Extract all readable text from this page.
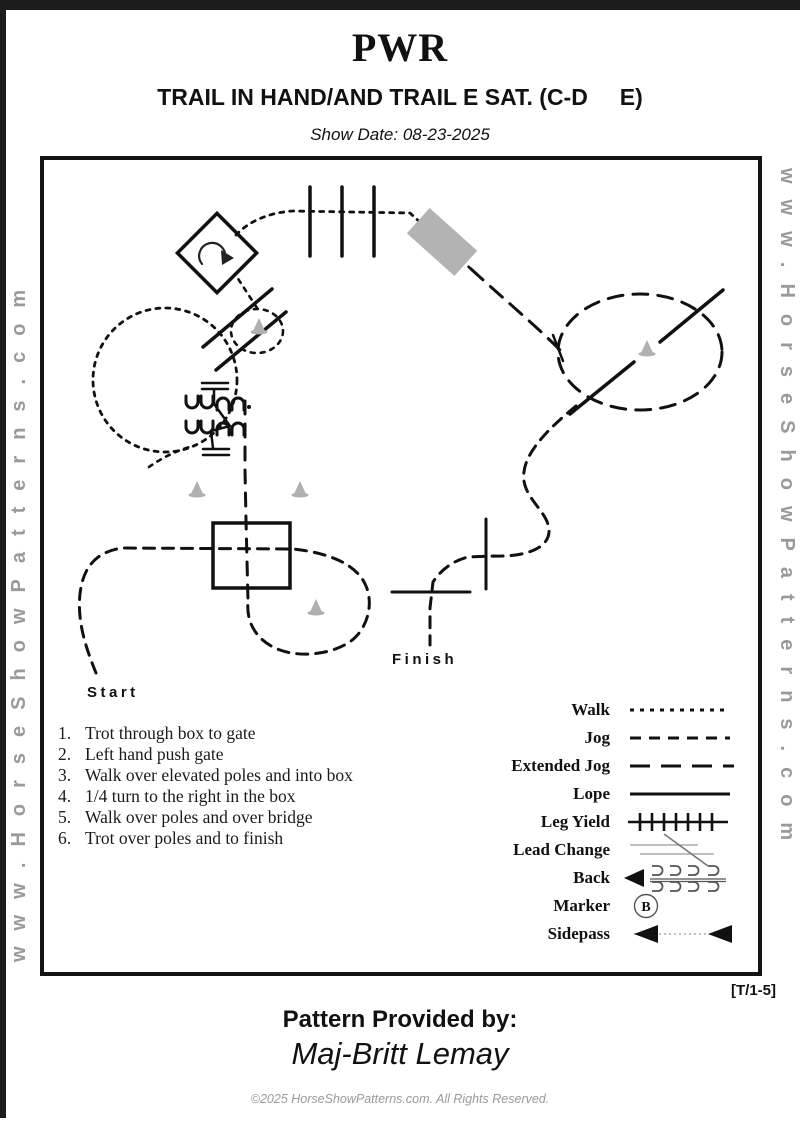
PWR
TRAIL IN HAND/AND TRAIL E SAT. (C-D     E)
Show Date: 08-23-2025
www.HorseShowPatterns.com	www.HorseShowPatterns.com
Start
Finish
1. Trot through box to gate
2. Left hand push gate
3. Walk over elevated poles and into box
4. 1/4 turn to the right in the box
5. Walk over poles and over bridge
6. Trot over poles and to finish
Walk
Jog
Extended Jog
Lope
Leg Yield
Lead Change
Back
Marker	B
Sidepass
[T/1-5]
Pattern Provided by:
Maj-Britt Lemay
©2025 HorseShowPatterns.com. All Rights Reserved.
